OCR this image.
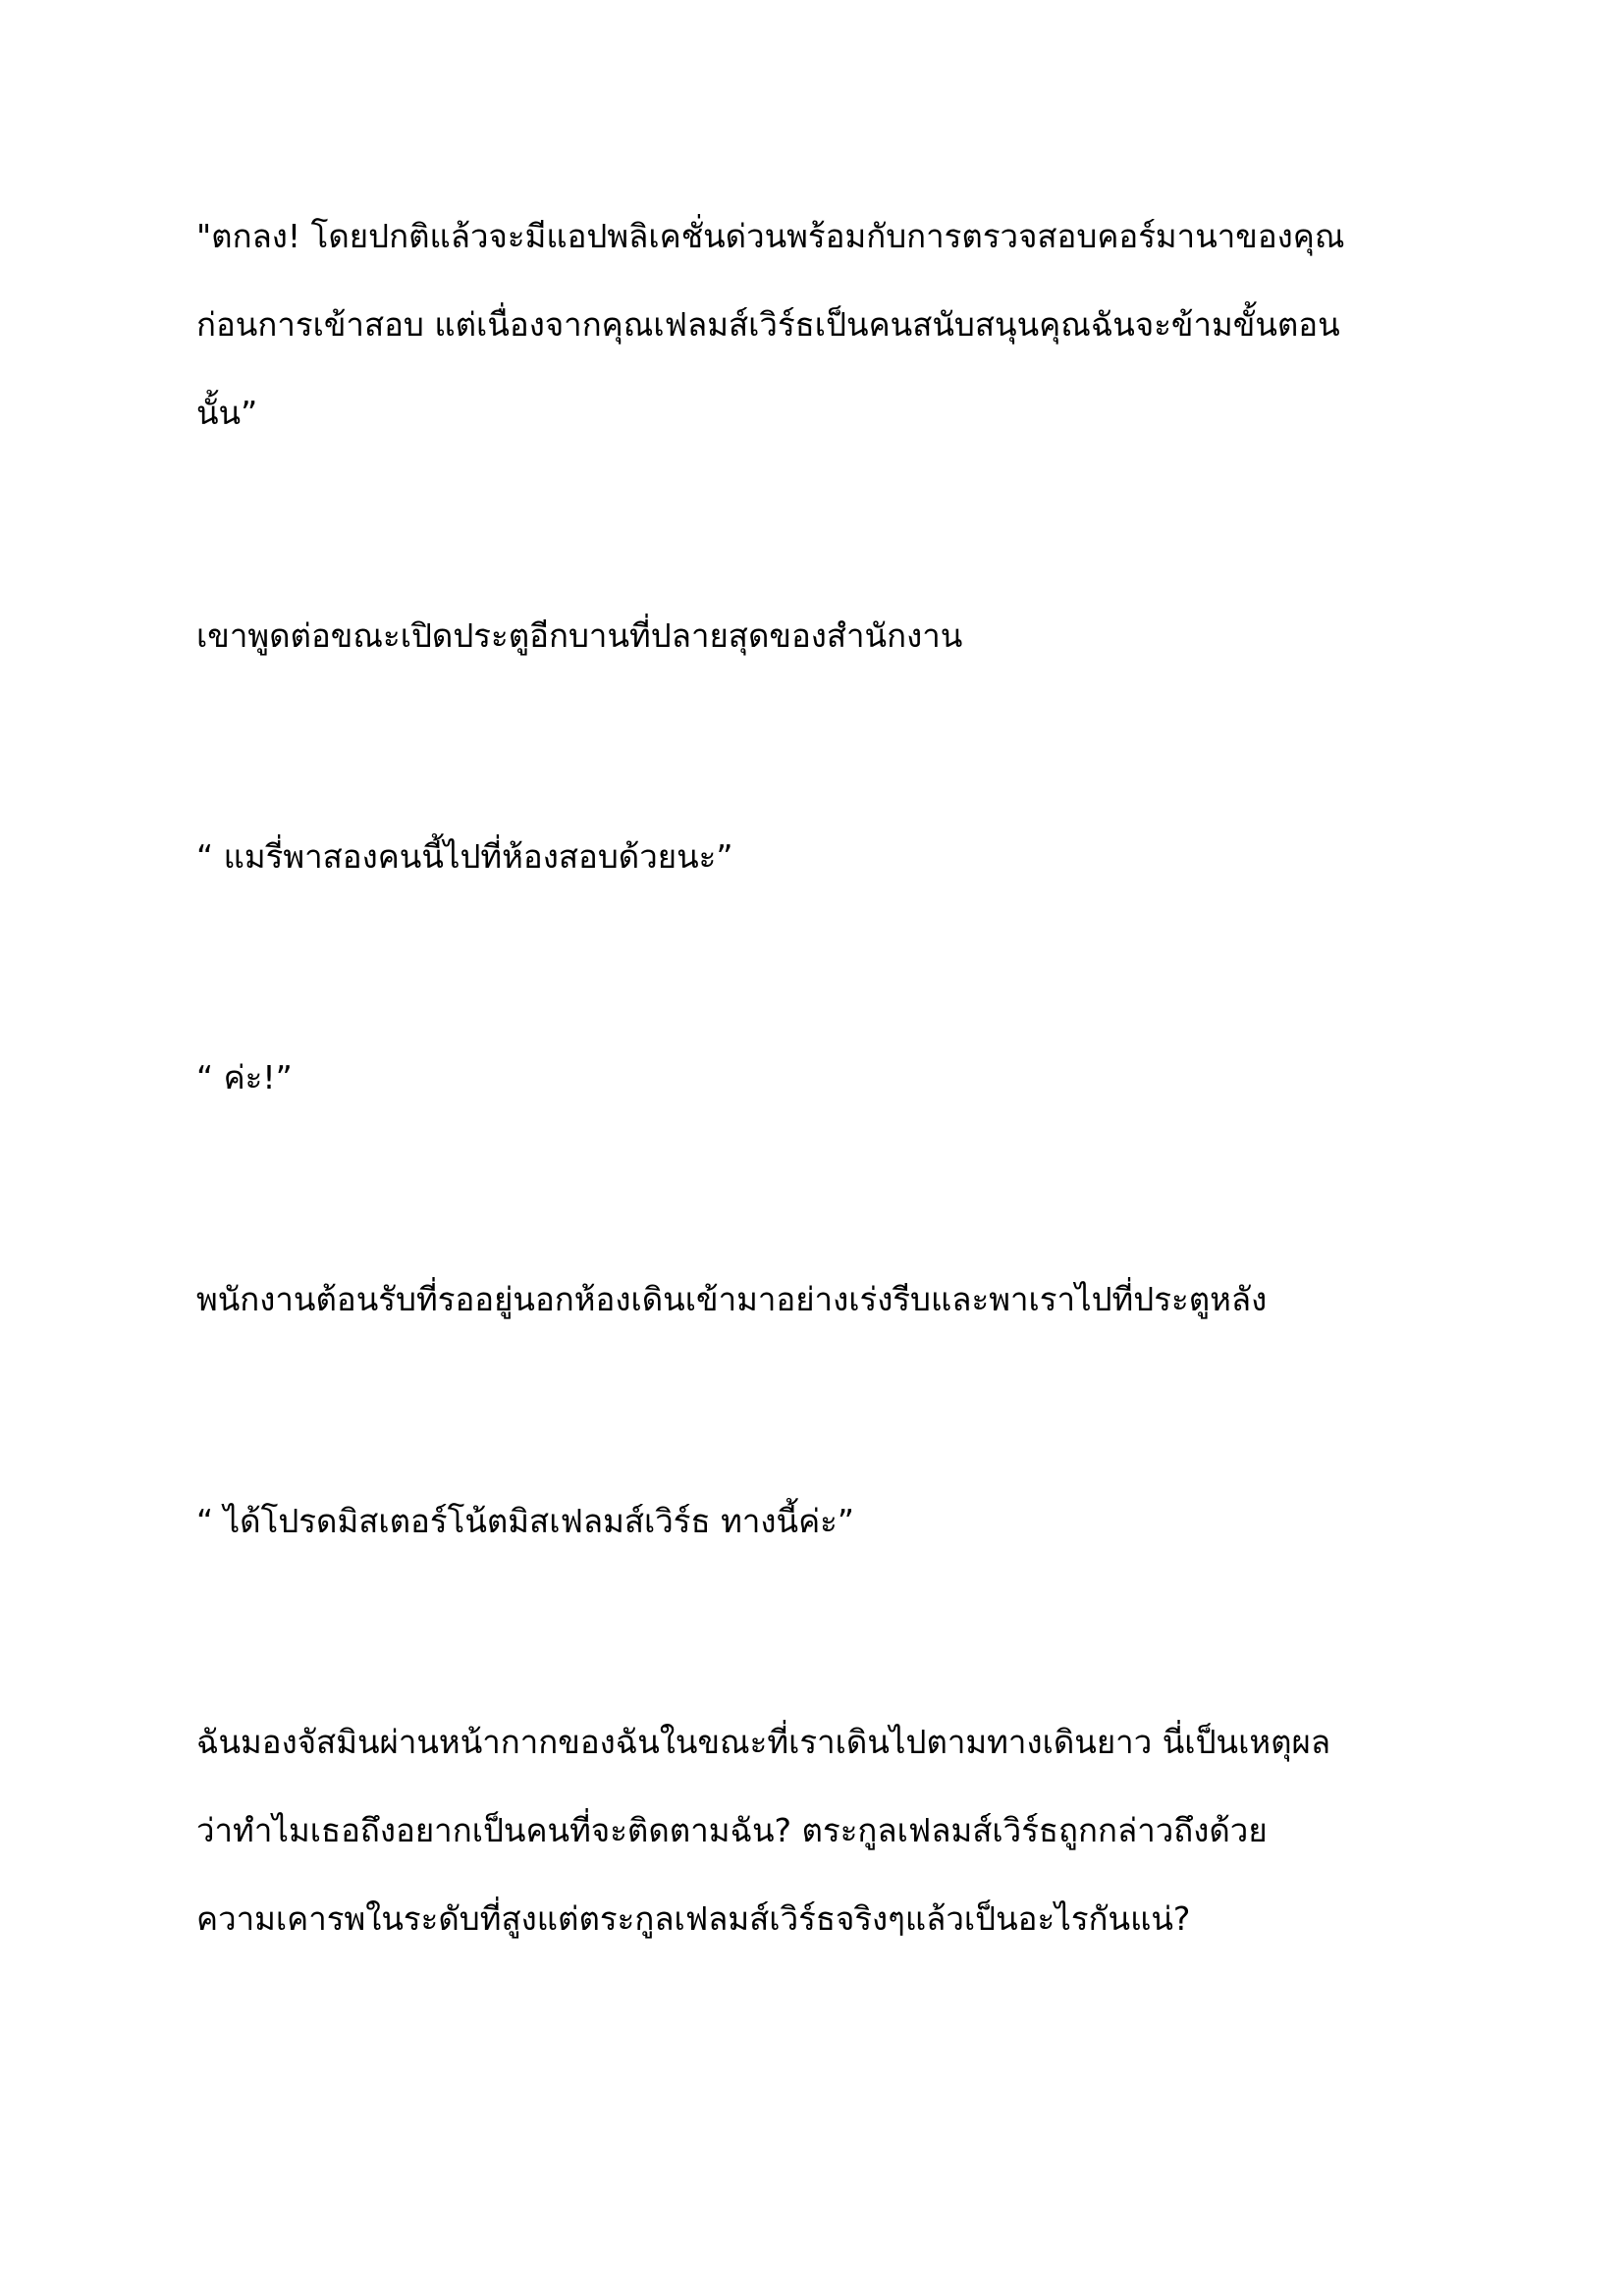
"ตกลง! โดยปกติแล้วจะมีแอปพลิเคชั่นด่วนพร้อมกับการตรวจสอบคอร์มานาของคุณ
ก่อนการเข้าสอบ แต่เนื่องจากคุณเฟลมส์เวิร์ธเป็นคนสนับสนุนคุณฉันจะข้ามขั้นตอน
นั้น”

เขาพูดต่อขณะเปิดประตูอีกบานที่ปลายสุดของสำนักงาน

“ แมรี่พาสองคนนี้ไปที่ห้องสอบด้วยนะ”

“ ค่ะ!”

พนักงานต้อนรับที่รออยู่นอกห้องเดินเข้ามาอย่างเร่งรีบและพาเราไปที่ประตูหลัง

“ ได้โปรดมิสเตอร์โน้ตมิสเฟลมส์เวิร์ธ ทางนี้ค่ะ”

ฉันมองจัสมินผ่านหน้ากากของฉันในขณะที่เราเดินไปตามทางเดินยาว นี่เป็นเหตุผล
ว่าทำไมเธอถึงอยากเป็นคนที่จะติดตามฉัน? ตระกูลเฟลมส์เวิร์ธถูกกล่าวถึงด้วย
ความเคารพในระดับที่สูงแต่ตระกูลเฟลมส์เวิร์ธจริงๆแล้วเป็นอะไรกันแน่?
